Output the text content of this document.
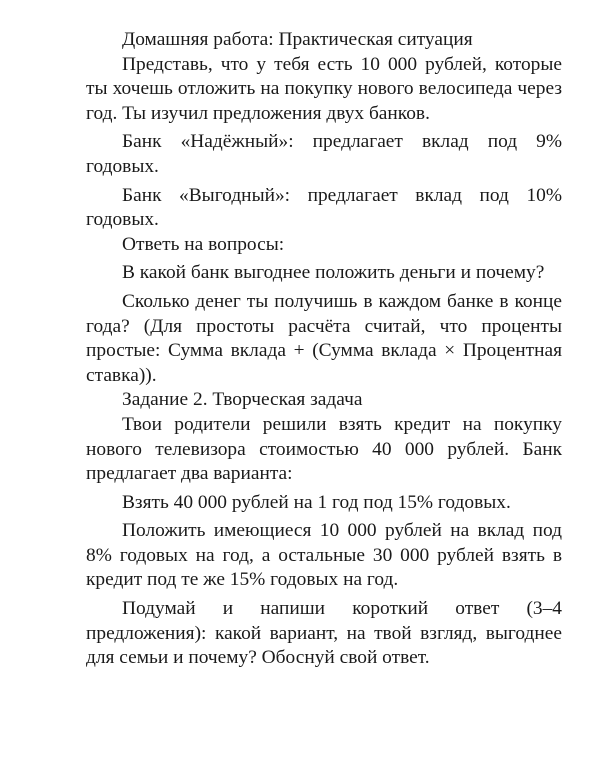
Домашняя работа: Практическая ситуация

Представь, что у тебя есть 10 000 рублей, которые ты хочешь отложить на покупку нового велосипеда через год. Ты изучил предложения двух банков.

Банк «Надёжный»: предлагает вклад под 9% годовых.

Банк «Выгодный»: предлагает вклад под 10% годовых.

Ответь на вопросы:

В какой банк выгоднее положить деньги и почему?

Сколько денег ты получишь в каждом банке в конце года? (Для простоты расчёта считай, что проценты простые: Сумма вклада + (Сумма вклада × Процентная ставка)).

Задание 2. Творческая задача

Твои родители решили взять кредит на покупку нового телевизора стоимостью 40 000 рублей. Банк предлагает два варианта:

Взять 40 000 рублей на 1 год под 15% годовых.

Положить имеющиеся 10 000 рублей на вклад под 8% годовых на год, а остальные 30 000 рублей взять в кредит под те же 15% годовых на год.

Подумай и напиши короткий ответ (3–4 предложения): какой вариант, на твой взгляд, выгоднее для семьи и почему? Обоснуй свой ответ.
